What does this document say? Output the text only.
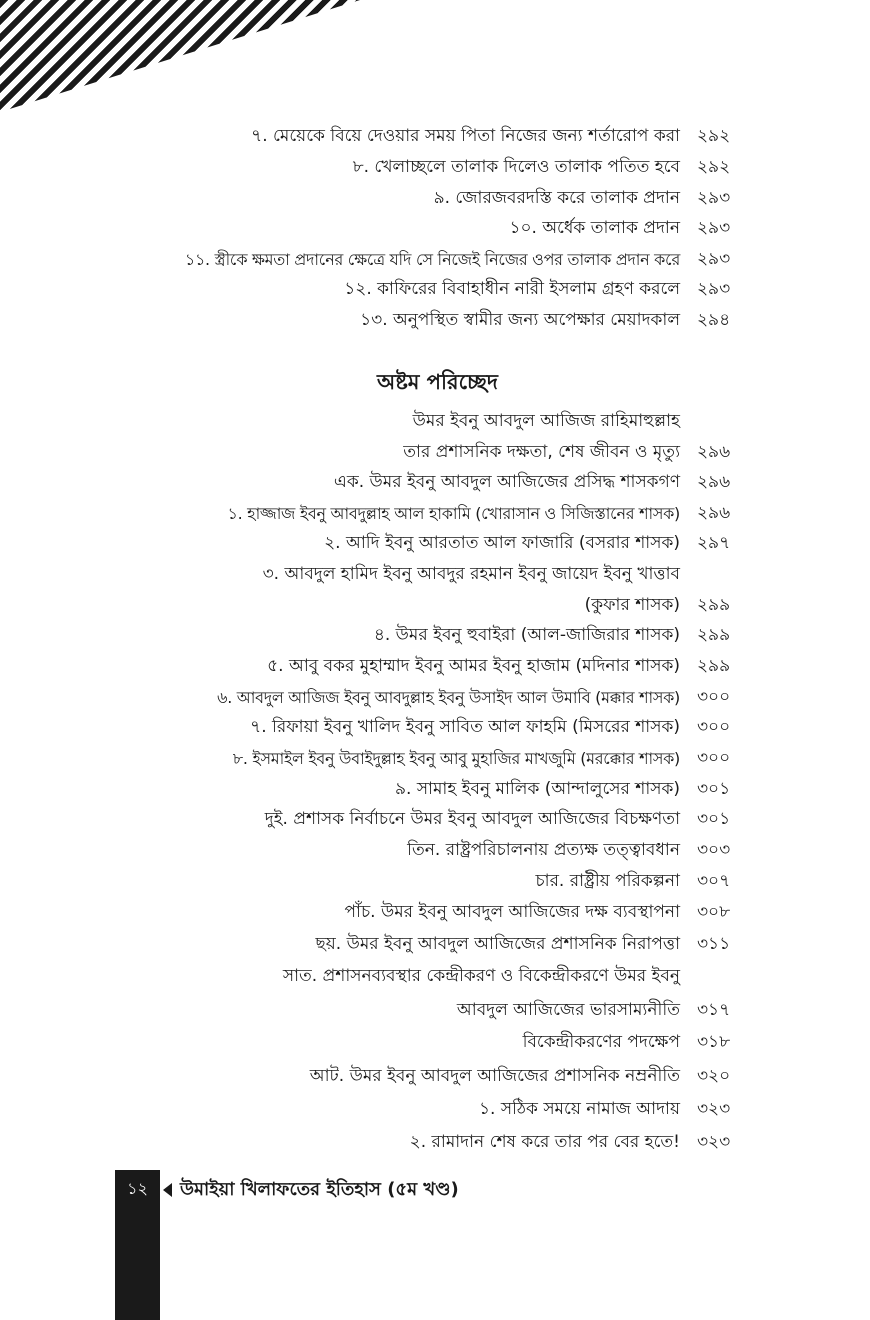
৭. মেয়েকে বিয়ে দেওয়ার সময় পিতা নিজের জন্য শর্তারোপ করা ২৯২
৮. খেলাচ্ছলে তালাক দিলেও তালাক পতিত হবে ২৯২
৯. জোরজবরদস্তি করে তালাক প্রদান ২৯৩
১০. অর্ধেক তালাক প্রদান ২৯৩
১১. স্ত্রীকে ক্ষমতা প্রদানের ক্ষেত্রে যদি সে নিজেই নিজের ওপর তালাক প্রদান করে ২৯৩
১২. কাফিরের বিবাহাধীন নারী ইসলাম গ্রহণ করলে ২৯৩
১৩. অনুপস্থিত স্বামীর জন্য অপেক্ষার মেয়াদকাল ২৯৪
অষ্টম পরিচ্ছেদ
উমর ইবনু আবদুল আজিজ রাহিমাহুল্লাহ
তার প্রশাসনিক দক্ষতা, শেষ জীবন ও মৃত্যু ২৯৬
এক. উমর ইবনু আবদুল আজিজের প্রসিদ্ধ শাসকগণ ২৯৬
১. হাজ্জাজ ইবনু আবদুল্লাহ আল হাকামি (খোরাসান ও সিজিস্তানের শাসক) ২৯৬
২. আদি ইবনু আরতাত আল ফাজারি (বসরার শাসক) ২৯৭
৩. আবদুল হামিদ ইবনু আবদুর রহমান ইবনু জায়েদ ইবনু খাত্তাব
(কুফার শাসক) ২৯৯
৪. উমর ইবনু হুবাইরা (আল-জাজিরার শাসক) ২৯৯
৫. আবু বকর মুহাম্মাদ ইবনু আমর ইবনু হাজাম (মদিনার শাসক) ২৯৯
৬. আবদুল আজিজ ইবনু আবদুল্লাহ ইবনু উসাইদ আল উমাবি (মক্কার শাসক) ৩০০
৭. রিফায়া ইবনু খালিদ ইবনু সাবিত আল ফাহমি (মিসরের শাসক) ৩০০
৮. ইসমাইল ইবনু উবাইদুল্লাহ ইবনু আবু মুহাজির মাখজুমি (মরক্কোর শাসক) ৩০০
৯. সামাহ ইবনু মালিক (আন্দালুসের শাসক) ৩০১
দুই. প্রশাসক নির্বাচনে উমর ইবনু আবদুল আজিজের বিচক্ষণতা ৩০১
তিন. রাষ্ট্রপরিচালনায় প্রত্যক্ষ তত্ত্বাবধান ৩০৩
চার. রাষ্ট্রীয় পরিকল্পনা ৩০৭
পাঁচ. উমর ইবনু আবদুল আজিজের দক্ষ ব্যবস্থাপনা ৩০৮
ছয়. উমর ইবনু আবদুল আজিজের প্রশাসনিক নিরাপত্তা ৩১১
সাত. প্রশাসনব্যবস্থার কেন্দ্রীকরণ ও বিকেন্দ্রীকরণে উমর ইবনু
আবদুল আজিজের ভারসাম্যনীতি ৩১৭
বিকেন্দ্রীকরণের পদক্ষেপ ৩১৮
আট. উমর ইবনু আবদুল আজিজের প্রশাসনিক নম্রনীতি ৩২০
১. সঠিক সময়ে নামাজ আদায় ৩২৩
২. রামাদান শেষ করে তার পর বের হতে! ৩২৩
১২	উমাইয়া খিলাফতের ইতিহাস (৫ম খণ্ড)
